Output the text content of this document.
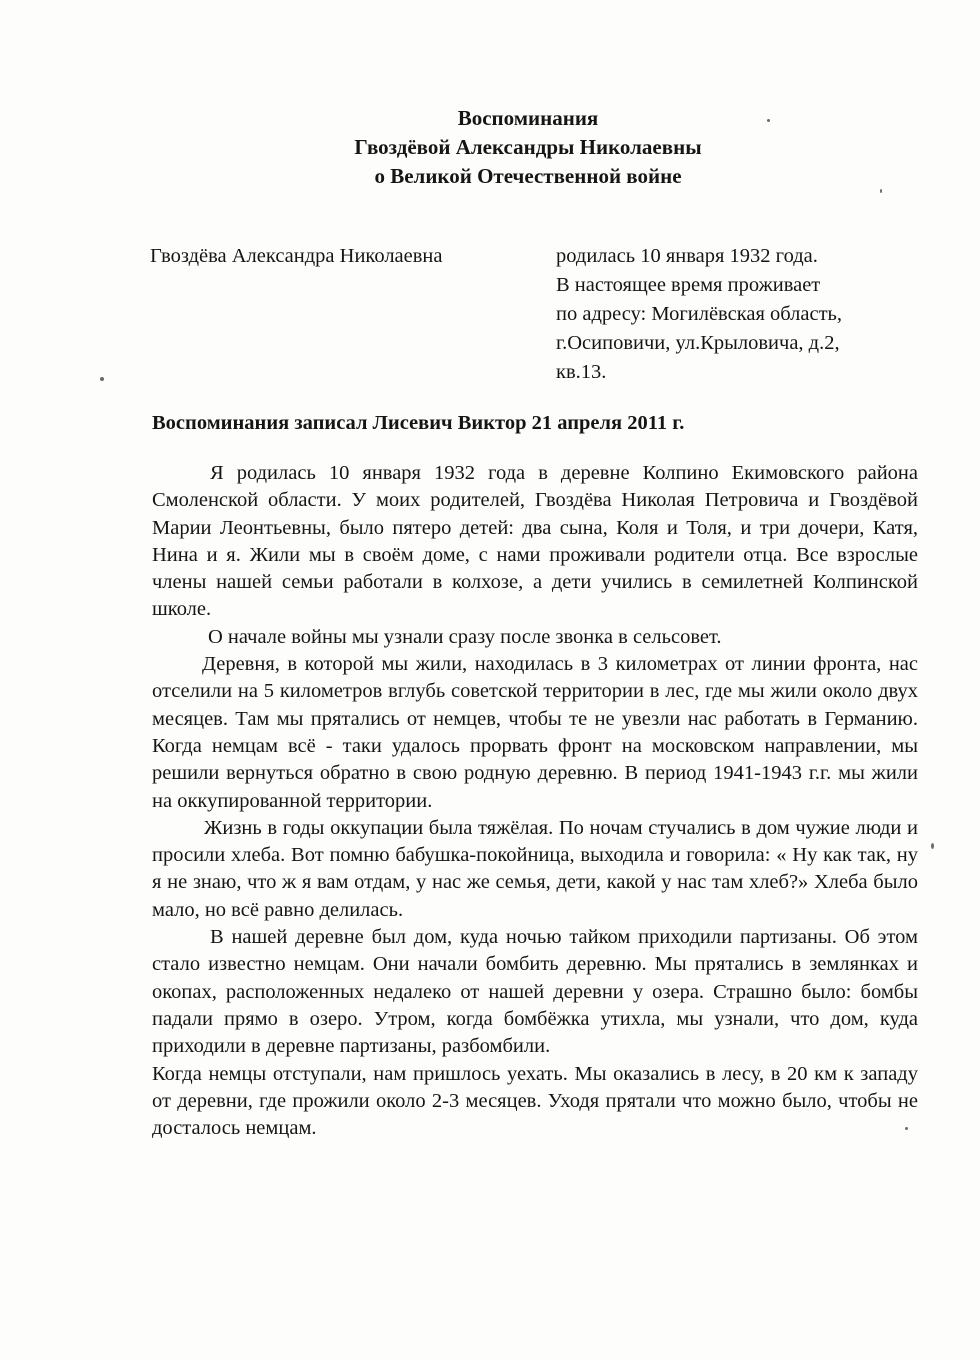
Воспоминания
Гвоздёвой Александры Николаевны
о Великой Отечественной войне
Гвоздёва Александра Николаевна	родилась 10 января 1932 года.
В настоящее время проживает
по адресу: Могилёвская область,
г.Осиповичи, ул.Крыловича, д.2,
кв.13.
Воспоминания записал Лисевич Виктор 21 апреля 2011 г.

Я родилась 10 января 1932 года в деревне Колпино Екимовского района Смоленской области. У моих родителей, Гвоздёва Николая Петровича и Гвоздёвой Марии Леонтьевны, было пятеро детей: два сына, Коля и Толя, и три дочери, Катя, Нина и я. Жили мы в своём доме, с нами проживали родители отца. Все взрослые члены нашей семьи работали в колхозе, а дети учились в семилетней Колпинской школе.

О начале войны мы узнали сразу после звонка в сельсовет.

Деревня, в которой мы жили, находилась в 3 километрах от линии фронта, нас отселили на 5 километров вглубь советской территории в лес, где мы жили около двух месяцев. Там мы прятались от немцев, чтобы те не увезли нас работать в Германию. Когда немцам всё - таки удалось прорвать фронт на московском направлении, мы решили вернуться обратно в свою родную деревню. В период 1941-1943 г.г. мы жили на оккупированной территории.

Жизнь в годы оккупации была тяжёлая. По ночам стучались в дом чужие люди и просили хлеба. Вот помню бабушка-покойница, выходила и говорила: « Ну как так, ну я не знаю, что ж я вам отдам, у нас же семья, дети, какой у нас там хлеб?» Хлеба было мало, но всё равно делилась.

В нашей деревне был дом, куда ночью тайком приходили партизаны. Об этом стало известно немцам. Они начали бомбить деревню. Мы прятались в землянках и окопах, расположенных недалеко от нашей деревни у озера. Страшно было: бомбы падали прямо в озеро. Утром, когда бомбёжка утихла, мы узнали, что дом, куда приходили в деревне партизаны, разбомбили.

Когда немцы отступали, нам пришлось уехать. Мы оказались в лесу, в 20 км к западу от деревни, где прожили около 2-3 месяцев. Уходя прятали что можно было, чтобы не досталось немцам.
